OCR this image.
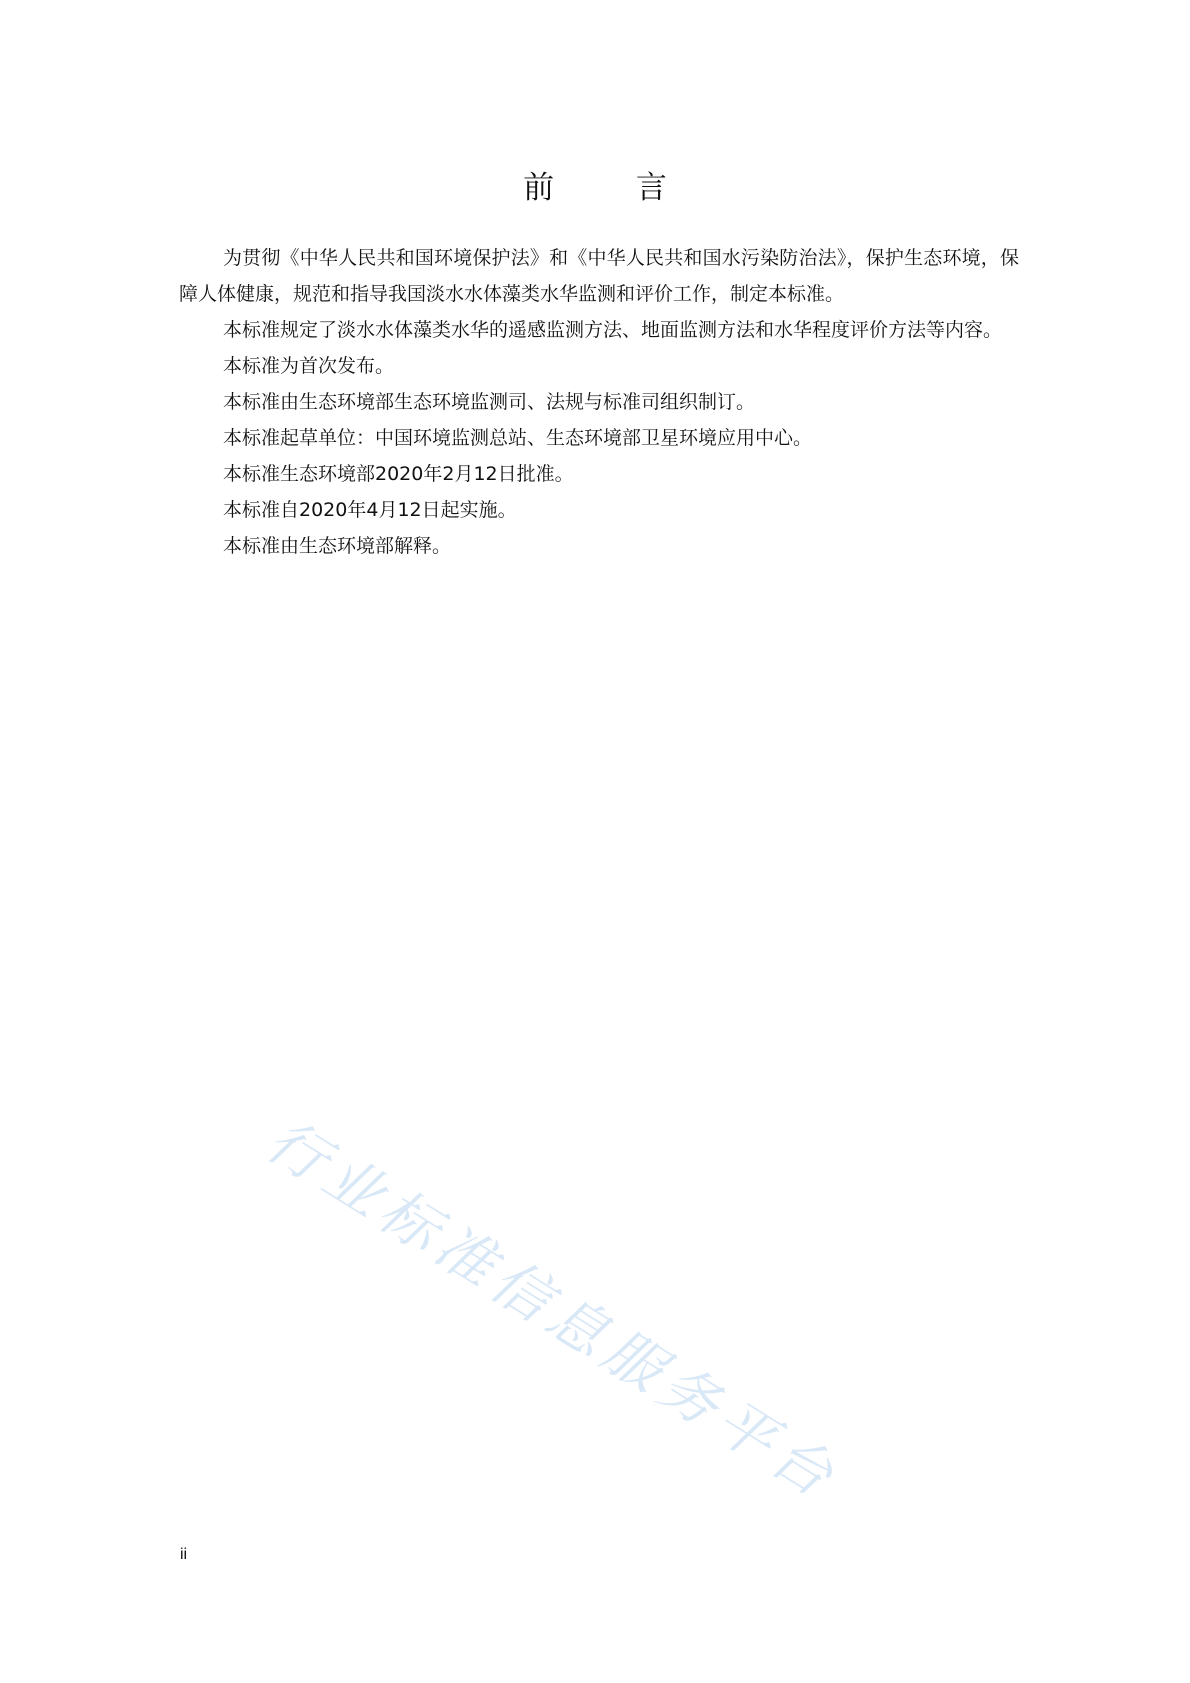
前 言

为贯彻《中华人民共和国环境保护法》和《中华人民共和国水污染防治法》，保护生态环境，保障人体健康，规范和指导我国淡水水体藻类水华监测和评价工作，制定本标准。

本标准规定了淡水水体藻类水华的遥感监测方法、地面监测方法和水华程度评价方法等内容。

本标准为首次发布。

本标准由生态环境部生态环境监测司、法规与标准司组织制订。

本标准起草单位：中国环境监测总站、生态环境部卫星环境应用中心。

本标准生态环境部2020年2月12日批准。

本标准自2020年4月12日起实施。

本标准由生态环境部解释。

行业标准信息服务平台
ii
